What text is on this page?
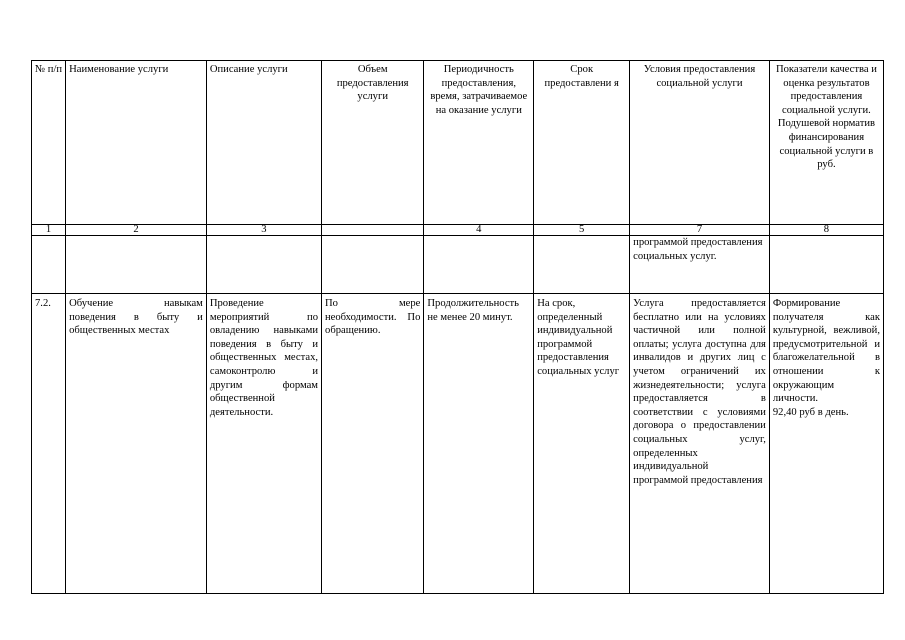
№ п/п	Наименование услуги	Описание услуги	Объем предоставления услуги	Периодичность предоставления, время, затрачиваемое на оказание услуги	Срок предоставлени я	Условия предоставления социальной услуги	Показатели качества и оценка результатов предоставления социальной услуги. Подушевой норматив финансирования социальной услуги в руб.
1	2	3		4	5	7	8
						программой предоставления социальных услуг.	
7.2.	Обучение навыкам поведения в быту и общественных местах	Проведение мероприятий по овладению навыками поведения в быту и общественных местах, самоконтролю и другим формам общественной деятельности.	По мере необходимости. По обращению.	Продолжительность не менее 20 минут.	На срок, определенный индивидуальной программой предоставления социальных услуг	Услуга предоставляется бесплатно или на условиях частичной или полной оплаты; услуга доступна для инвалидов и других лиц с учетом ограничений их жизнедеятельности; услуга предоставляется в соответствии с условиями договора о предоставлении социальных услуг, определенных индивидуальной программой предоставления	Формирование получателя как культурной, вежливой, предусмотрительной и благожелательной в отношении к окружающим личности.
92,40 руб в день.
